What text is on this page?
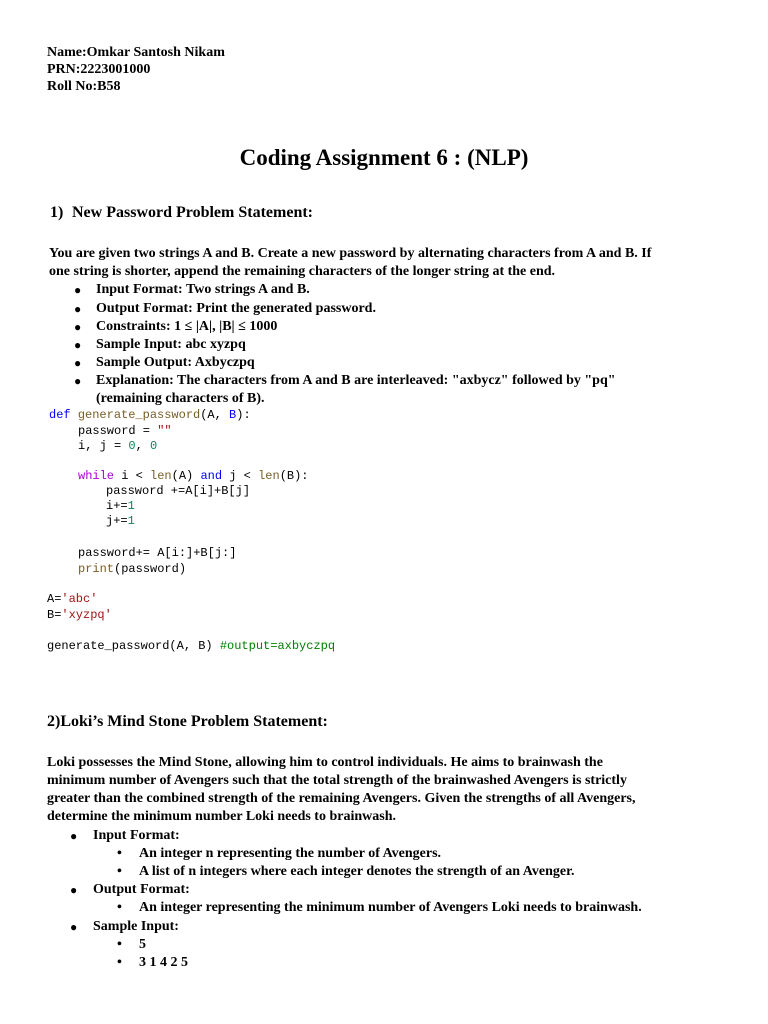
Name:Omkar Santosh Nikam
PRN:2223001000
Roll No:B58
Coding Assignment 6 : (NLP)
1) New Password Problem Statement:
You are given two strings A and B. Create a new password by alternating characters from A and B. If
one string is shorter, append the remaining characters of the longer string at the end.
● Input Format: Two strings A and B.
● Output Format: Print the generated password.
● Constraints: 1 ≤ |A|, |B| ≤ 1000
● Sample Input: abc xyzpq
● Sample Output: Axbyczpq
● Explanation: The characters from A and B are interleaved: "axbycz" followed by "pq"
(remaining characters of B).
def generate_password(A, B):
password = ""
i, j = 0, 0
while i < len(A) and j < len(B):
password +=A[i]+B[j]
i+=1
j+=1
password+= A[i:]+B[j:]
print(password)
A='abc'
B='xyzpq'
generate_password(A, B) #output=axbyczpq
2)Loki’s Mind Stone Problem Statement:
Loki possesses the Mind Stone, allowing him to control individuals. He aims to brainwash the
minimum number of Avengers such that the total strength of the brainwashed Avengers is strictly
greater than the combined strength of the remaining Avengers. Given the strengths of all Avengers,
determine the minimum number Loki needs to brainwash.
● Input Format:
• An integer n representing the number of Avengers.
• A list of n integers where each integer denotes the strength of an Avenger.
● Output Format:
• An integer representing the minimum number of Avengers Loki needs to brainwash.
● Sample Input:
• 5
• 3 1 4 2 5
